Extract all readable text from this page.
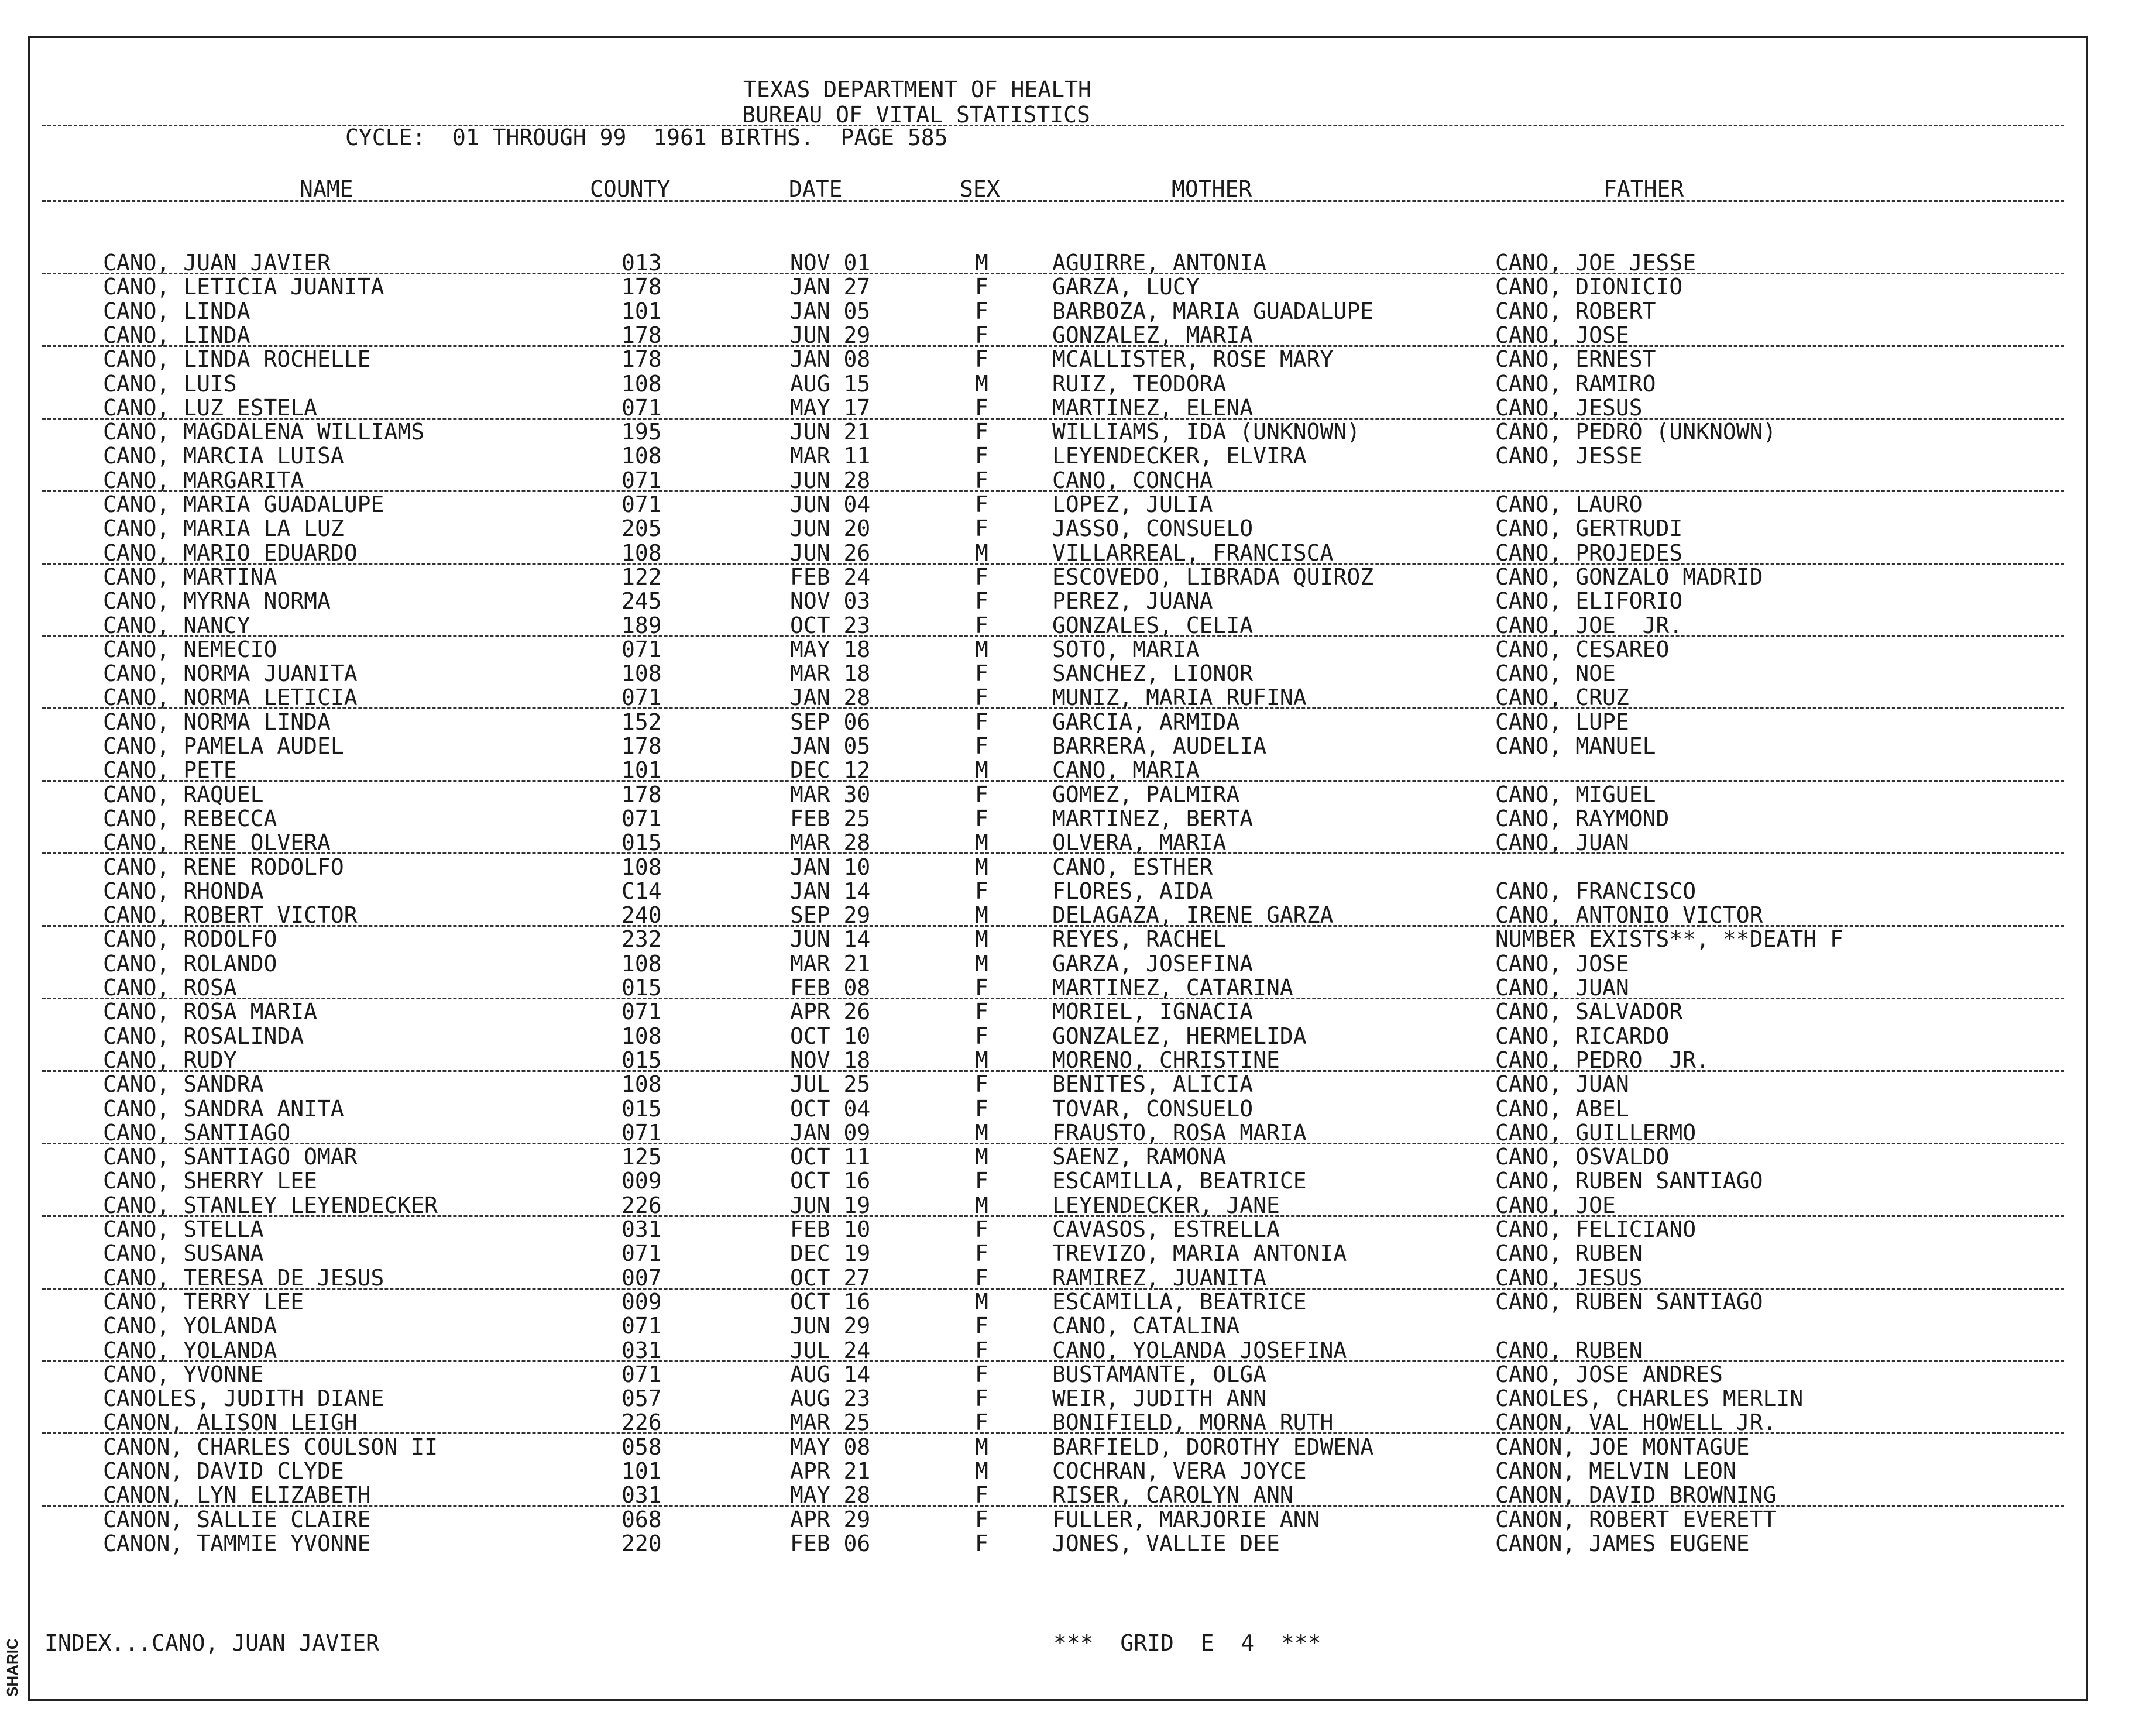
TEXAS DEPARTMENT OF HEALTH
BUREAU OF VITAL STATISTICS
CYCLE:  01 THROUGH 99  1961 BIRTHS.  PAGE 585
NAME	COUNTY	DATE	SEX	MOTHER	FATHER
CANO, JUAN JAVIER	013	NOV 01	M	AGUIRRE, ANTONIA	CANO, JOE JESSE
CANO, LETICIA JUANITA	178	JAN 27	F	GARZA, LUCY	CANO, DIONICIO
CANO, LINDA	101	JAN 05	F	BARBOZA, MARIA GUADALUPE	CANO, ROBERT
CANO, LINDA	178	JUN 29	F	GONZALEZ, MARIA	CANO, JOSE
CANO, LINDA ROCHELLE	178	JAN 08	F	MCALLISTER, ROSE MARY	CANO, ERNEST
CANO, LUIS	108	AUG 15	M	RUIZ, TEODORA	CANO, RAMIRO
CANO, LUZ ESTELA	071	MAY 17	F	MARTINEZ, ELENA	CANO, JESUS
CANO, MAGDALENA WILLIAMS	195	JUN 21	F	WILLIAMS, IDA (UNKNOWN)	CANO, PEDRO (UNKNOWN)
CANO, MARCIA LUISA	108	MAR 11	F	LEYENDECKER, ELVIRA	CANO, JESSE
CANO, MARGARITA	071	JUN 28	F	CANO, CONCHA
CANO, MARIA GUADALUPE	071	JUN 04	F	LOPEZ, JULIA	CANO, LAURO
CANO, MARIA LA LUZ	205	JUN 20	F	JASSO, CONSUELO	CANO, GERTRUDI
CANO, MARIO EDUARDO	108	JUN 26	M	VILLARREAL, FRANCISCA	CANO, PROJEDES
CANO, MARTINA	122	FEB 24	F	ESCOVEDO, LIBRADA QUIROZ	CANO, GONZALO MADRID
CANO, MYRNA NORMA	245	NOV 03	F	PEREZ, JUANA	CANO, ELIFORIO
CANO, NANCY	189	OCT 23	F	GONZALES, CELIA	CANO, JOE  JR.
CANO, NEMECIO	071	MAY 18	M	SOTO, MARIA	CANO, CESAREO
CANO, NORMA JUANITA	108	MAR 18	F	SANCHEZ, LIONOR	CANO, NOE
CANO, NORMA LETICIA	071	JAN 28	F	MUNIZ, MARIA RUFINA	CANO, CRUZ
CANO, NORMA LINDA	152	SEP 06	F	GARCIA, ARMIDA	CANO, LUPE
CANO, PAMELA AUDEL	178	JAN 05	F	BARRERA, AUDELIA	CANO, MANUEL
CANO, PETE	101	DEC 12	M	CANO, MARIA
CANO, RAQUEL	178	MAR 30	F	GOMEZ, PALMIRA	CANO, MIGUEL
CANO, REBECCA	071	FEB 25	F	MARTINEZ, BERTA	CANO, RAYMOND
CANO, RENE OLVERA	015	MAR 28	M	OLVERA, MARIA	CANO, JUAN
CANO, RENE RODOLFO	108	JAN 10	M	CANO, ESTHER
CANO, RHONDA	C14	JAN 14	F	FLORES, AIDA	CANO, FRANCISCO
CANO, ROBERT VICTOR	240	SEP 29	M	DELAGAZA, IRENE GARZA	CANO, ANTONIO VICTOR
CANO, RODOLFO	232	JUN 14	M	REYES, RACHEL	NUMBER EXISTS**, **DEATH F
CANO, ROLANDO	108	MAR 21	M	GARZA, JOSEFINA	CANO, JOSE
CANO, ROSA	015	FEB 08	F	MARTINEZ, CATARINA	CANO, JUAN
CANO, ROSA MARIA	071	APR 26	F	MORIEL, IGNACIA	CANO, SALVADOR
CANO, ROSALINDA	108	OCT 10	F	GONZALEZ, HERMELIDA	CANO, RICARDO
CANO, RUDY	015	NOV 18	M	MORENO, CHRISTINE	CANO, PEDRO  JR.
CANO, SANDRA	108	JUL 25	F	BENITES, ALICIA	CANO, JUAN
CANO, SANDRA ANITA	015	OCT 04	F	TOVAR, CONSUELO	CANO, ABEL
CANO, SANTIAGO	071	JAN 09	M	FRAUSTO, ROSA MARIA	CANO, GUILLERMO
CANO, SANTIAGO OMAR	125	OCT 11	M	SAENZ, RAMONA	CANO, OSVALDO
CANO, SHERRY LEE	009	OCT 16	F	ESCAMILLA, BEATRICE	CANO, RUBEN SANTIAGO
CANO, STANLEY LEYENDECKER	226	JUN 19	M	LEYENDECKER, JANE	CANO, JOE
CANO, STELLA	031	FEB 10	F	CAVASOS, ESTRELLA	CANO, FELICIANO
CANO, SUSANA	071	DEC 19	F	TREVIZO, MARIA ANTONIA	CANO, RUBEN
CANO, TERESA DE JESUS	007	OCT 27	F	RAMIREZ, JUANITA	CANO, JESUS
CANO, TERRY LEE	009	OCT 16	M	ESCAMILLA, BEATRICE	CANO, RUBEN SANTIAGO
CANO, YOLANDA	071	JUN 29	F	CANO, CATALINA
CANO, YOLANDA	031	JUL 24	F	CANO, YOLANDA JOSEFINA	CANO, RUBEN
CANO, YVONNE	071	AUG 14	F	BUSTAMANTE, OLGA	CANO, JOSE ANDRES
CANOLES, JUDITH DIANE	057	AUG 23	F	WEIR, JUDITH ANN	CANOLES, CHARLES MERLIN
CANON, ALISON LEIGH	226	MAR 25	F	BONIFIELD, MORNA RUTH	CANON, VAL HOWELL JR.
CANON, CHARLES COULSON II	058	MAY 08	M	BARFIELD, DOROTHY EDWENA	CANON, JOE MONTAGUE
CANON, DAVID CLYDE	101	APR 21	M	COCHRAN, VERA JOYCE	CANON, MELVIN LEON
CANON, LYN ELIZABETH	031	MAY 28	F	RISER, CAROLYN ANN	CANON, DAVID BROWNING
CANON, SALLIE CLAIRE	068	APR 29	F	FULLER, MARJORIE ANN	CANON, ROBERT EVERETT
CANON, TAMMIE YVONNE	220	FEB 06	F	JONES, VALLIE DEE	CANON, JAMES EUGENE
INDEX...CANO, JUAN JAVIER	***  GRID  E  4  ***
SHARIC
